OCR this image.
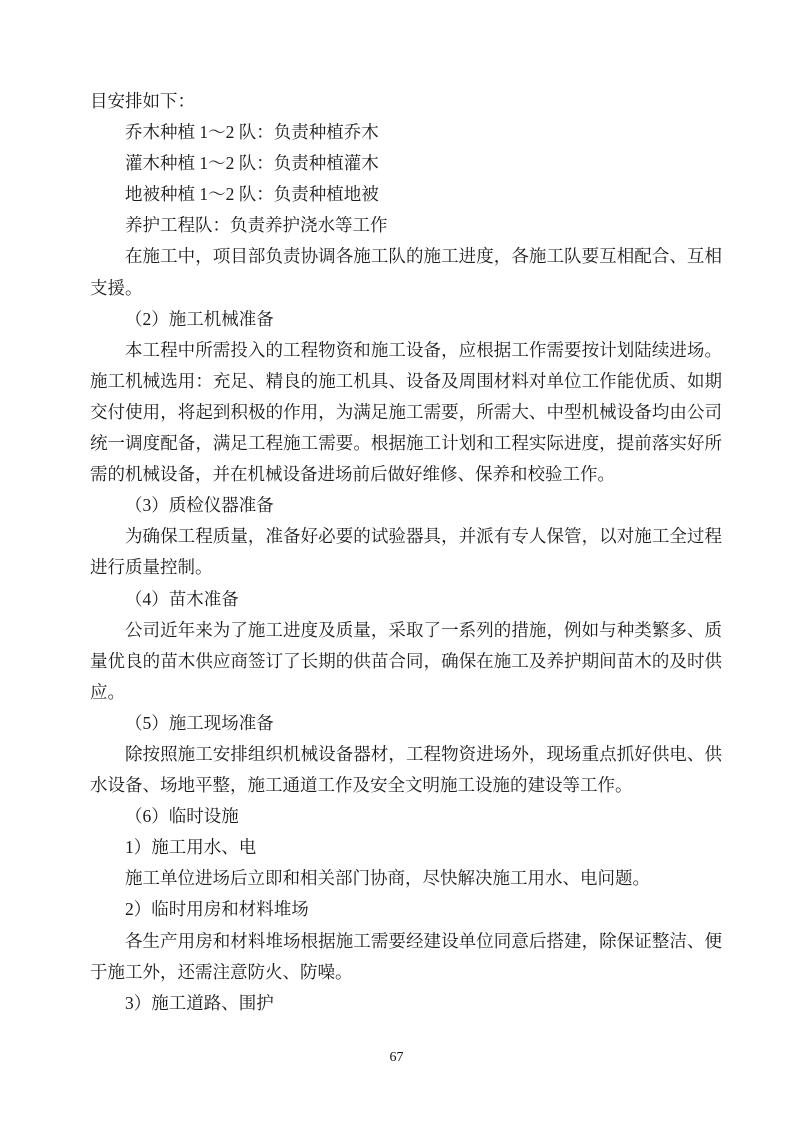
目安排如下：

乔木种植 1～2 队：负责种植乔木

灌木种植 1～2 队：负责种植灌木

地被种植 1～2 队：负责种植地被

养护工程队：负责养护浇水等工作

在施工中，项目部负责协调各施工队的施工进度，各施工队要互相配合、互相支援。

（2）施工机械准备

本工程中所需投入的工程物资和施工设备，应根据工作需要按计划陆续进场。施工机械选用：充足、精良的施工机具、设备及周围材料对单位工作能优质、如期交付使用，将起到积极的作用，为满足施工需要，所需大、中型机械设备均由公司统一调度配备，满足工程施工需要。根据施工计划和工程实际进度，提前落实好所需的机械设备，并在机械设备进场前后做好维修、保养和校验工作。

（3）质检仪器准备

为确保工程质量，准备好必要的试验器具，并派有专人保管，以对施工全过程进行质量控制。

（4）苗木准备

公司近年来为了施工进度及质量，采取了一系列的措施，例如与种类繁多、质量优良的苗木供应商签订了长期的供苗合同，确保在施工及养护期间苗木的及时供应。

（5）施工现场准备

除按照施工安排组织机械设备器材，工程物资进场外，现场重点抓好供电、供水设备、场地平整，施工通道工作及安全文明施工设施的建设等工作。

（6）临时设施

1）施工用水、电

施工单位进场后立即和相关部门协商，尽快解决施工用水、电问题。

2）临时用房和材料堆场

各生产用房和材料堆场根据施工需要经建设单位同意后搭建，除保证整洁、便于施工外，还需注意防火、防噪。

3）施工道路、围护

67
